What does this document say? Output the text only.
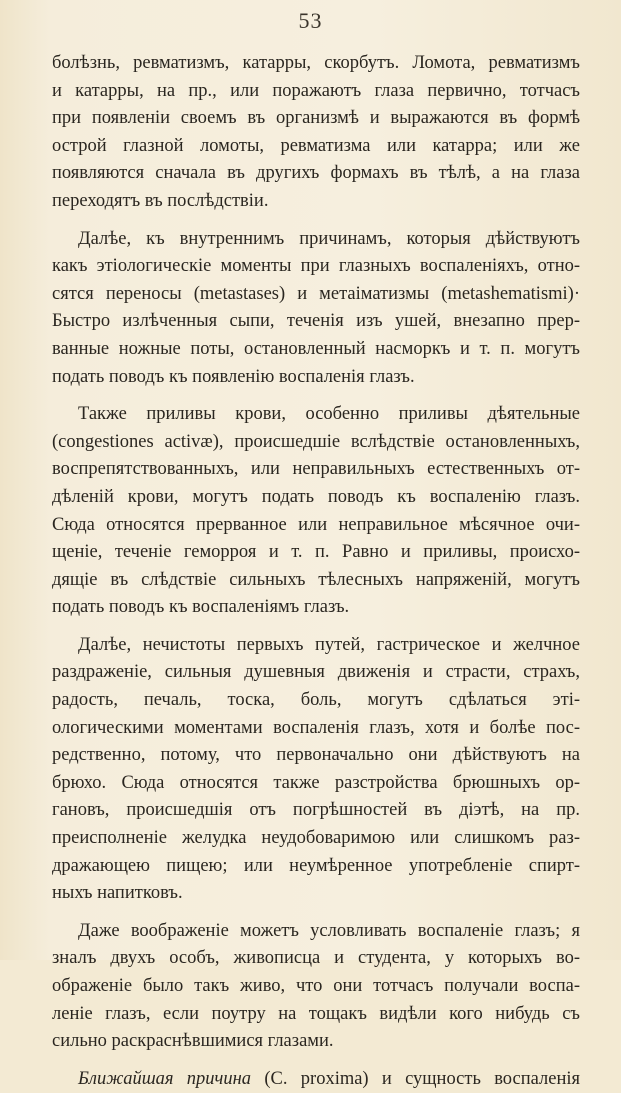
53
болѣзнь, ревматизмъ, катарры, скорбутъ. Ломота, ревматизмъ
и катарры, на пр., или поражаютъ глаза первично, тотчасъ
при появленіи своемъ въ организмѣ и выражаются въ формѣ
острой глазной ломоты, ревматизма или катарра; или же
появляются сначала въ другихъ формахъ въ тѣлѣ, а на глаза
переходятъ въ послѣдствіи.
Далѣе, къ внутреннимъ причинамъ, которыя дѣйствуютъ
какъ этіологическіе моменты при глазныхъ воспаленіяхъ, отно-
сятся переносы (metastases) и метаіматизмы (metashematismi)·
Быстро излѣченныя сыпи, теченія изъ ушей, внезапно прер-
ванные ножные поты, остановленный насморкъ и т. п. могутъ
подать поводъ къ появленію воспаленія глазъ.
Также приливы крови, особенно приливы дѣятельные
(congestiones activæ), происшедшіе вслѣдствіе остановленныхъ,
воспрепятствованныхъ, или неправильныхъ естественныхъ от-
дѣленій крови, могутъ подать поводъ къ воспаленію глазъ.
Сюда относятся прерванное или неправильное мѣсячное очи-
щеніе, теченіе геморроя и т. п. Равно и приливы, происхо-
дящіе въ слѣдствіе сильныхъ тѣлесныхъ напряженій, могутъ
подать поводъ къ воспаленіямъ глазъ.
Далѣе, нечистоты первыхъ путей, гастрическое и желчное
раздраженіе, сильныя душевныя движенія и страсти, страхъ,
радость, печаль, тоска, боль, могутъ сдѣлаться эті-
ологическими моментами воспаленія глазъ, хотя и болѣе пос-
редственно, потому, что первоначально они дѣйствуютъ на
брюхо. Сюда относятся также разстройства брюшныхъ ор-
гановъ, происшедшія отъ погрѣшностей въ діэтѣ, на пр.
преисполненіе желудка неудобоваримою или слишкомъ раз-
дражающею пищею; или неумѣренное употребленіе спирт-
ныхъ напитковъ.
Даже воображеніе можетъ условливать воспаленіе глазъ; я
зналъ двухъ особъ, живописца и студента, у которыхъ во-
ображеніе было такъ живо, что они тотчасъ получали воспа-
леніе глазъ, если поутру на тощакъ видѣли кого нибудь съ
сильно раскраснѣвшимися глазами.
Ближайшая причина (C. proxima) и сущность воспаленія
